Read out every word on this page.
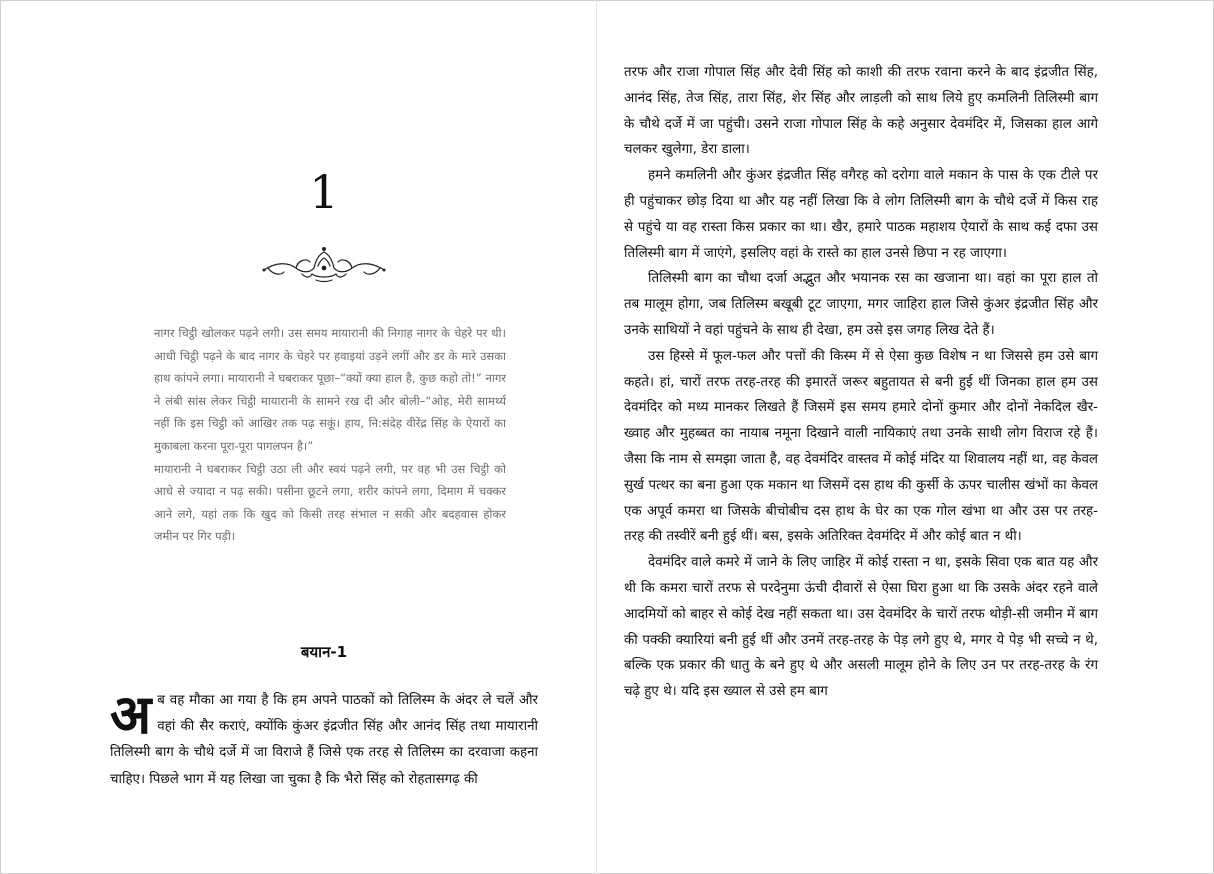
1

नागर चिट्ठी खोलकर पढ़ने लगी। उस समय मायारानी की निगाह नागर के चेहरे पर थी। आधी चिट्ठी पढ़ने के बाद नागर के चेहरे पर हवाइयां उड़ने लगीं और डर के मारे उसका हाथ कांपने लगा। मायारानी ने घबराकर पूछा–“क्यों क्या हाल है, कुछ कहो तो!” नागर ने लंबी सांस लेकर चिट्ठी मायारानी के सामने रख दी और बोली–“ओह, मेरी सामर्थ्य नहीं कि इस चिट्ठी को आखिर तक पढ़ सकूं। हाय, नि:संदेह वीरेंद्र सिंह के ऐयारों का मुकाबला करना पूरा-पूरा पागलपन है।”

मायारानी ने घबराकर चिट्ठी उठा ली और स्वयं पढ़ने लगी, पर वह भी उस चिट्ठी को आधे से ज्यादा न पढ़ सकी। पसीना छूटने लगा, शरीर कांपने लगा, दिमाग में चक्कर आने लगे, यहां तक कि खुद को किसी तरह संभाल न सकी और बदहवास होकर जमीन पर गिर पड़ी।

बयान-1

अब वह मौका आ गया है कि हम अपने पाठकों को तिलिस्म के अंदर ले चलें और वहां की सैर कराएं, क्योंकि कुंअर इंद्रजीत सिंह और आनंद सिंह तथा मायारानी तिलिस्मी बाग के चौथे दर्जे में जा विराजे हैं जिसे एक तरह से तिलिस्म का दरवाजा कहना चाहिए। पिछले भाग में यह लिखा जा चुका है कि भैरो सिंह को रोहतासगढ़ की

तरफ और राजा गोपाल सिंह और देवी सिंह को काशी की तरफ रवाना करने के बाद इंद्रजीत सिंह, आनंद सिंह, तेज सिंह, तारा सिंह, शेर सिंह और लाड़ली को साथ लिये हुए कमलिनी तिलिस्मी बाग के चौथे दर्जे में जा पहुंची। उसने राजा गोपाल सिंह के कहे अनुसार देवमंदिर में, जिसका हाल आगे चलकर खुलेगा, डेरा डाला।

हमने कमलिनी और कुंअर इंद्रजीत सिंह वगैरह को दरोगा वाले मकान के पास के एक टीले पर ही पहुंचाकर छोड़ दिया था और यह नहीं लिखा कि वे लोग तिलिस्मी बाग के चौथे दर्जे में किस राह से पहुंचे या वह रास्ता किस प्रकार का था। खैर, हमारे पाठक महाशय ऐयारों के साथ कई दफा उस तिलिस्मी बाग में जाएंगे, इसलिए वहां के रास्ते का हाल उनसे छिपा न रह जाएगा।

तिलिस्मी बाग का चौथा दर्जा अद्भुत और भयानक रस का खजाना था। वहां का पूरा हाल तो तब मालूम होगा, जब तिलिस्म बखूबी टूट जाएगा, मगर जाहिरा हाल जिसे कुंअर इंद्रजीत सिंह और उनके साथियों ने वहां पहुंचने के साथ ही देखा, हम उसे इस जगह लिख देते हैं।

उस हिस्से में फूल-फल और पत्तों की किस्म में से ऐसा कुछ विशेष न था जिससे हम उसे बाग कहते। हां, चारों तरफ तरह-तरह की इमारतें जरूर बहुतायत से बनी हुई थीं जिनका हाल हम उस देवमंदिर को मध्य मानकर लिखते हैं जिसमें इस समय हमारे दोनों कुमार और दोनों नेकदिल खैर-ख्वाह और मुहब्बत का नायाब नमूना दिखाने वाली नायिकाएं तथा उनके साथी लोग विराज रहे हैं। जैसा कि नाम से समझा जाता है, वह देवमंदिर वास्तव में कोई मंदिर या शिवालय नहीं था, वह केवल सुर्ख पत्थर का बना हुआ एक मकान था जिसमें दस हाथ की कुर्सी के ऊपर चालीस खंभों का केवल एक अपूर्व कमरा था जिसके बीचोबीच दस हाथ के घेर का एक गोल खंभा था और उस पर तरह-तरह की तस्वीरें बनी हुई थीं। बस, इसके अतिरिक्त देवमंदिर में और कोई बात न थी।

देवमंदिर वाले कमरे में जाने के लिए जाहिर में कोई रास्ता न था, इसके सिवा एक बात यह और थी कि कमरा चारों तरफ से परदेनुमा ऊंची दीवारों से ऐसा घिरा हुआ था कि उसके अंदर रहने वाले आदमियों को बाहर से कोई देख नहीं सकता था। उस देवमंदिर के चारों तरफ थोड़ी-सी जमीन में बाग की पक्की क्यारियां बनी हुई थीं और उनमें तरह-तरह के पेड़ लगे हुए थे, मगर ये पेड़ भी सच्चे न थे, बल्कि एक प्रकार की धातु के बने हुए थे और असली मालूम होने के लिए उन पर तरह-तरह के रंग चढ़े हुए थे। यदि इस ख्याल से उसे हम बाग
